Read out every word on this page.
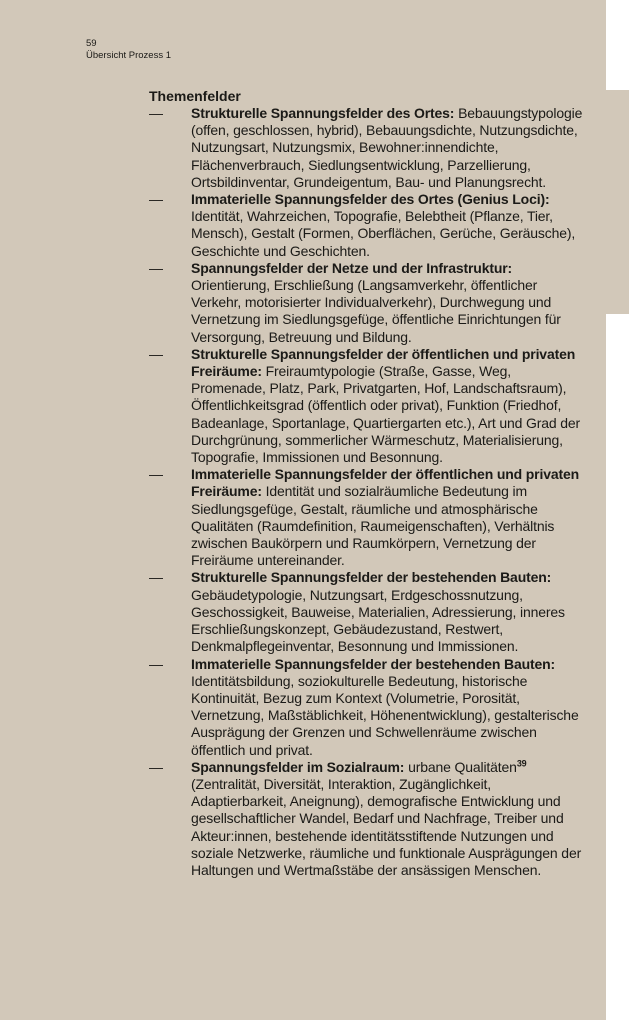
59
Übersicht Prozess 1
Themenfelder
— Strukturelle Spannungsfelder des Ortes: Bebauungstypologie (offen, geschlossen, hybrid), Bebauungsdichte, Nutzungsdichte, Nutzungsart, Nutzungsmix, Bewohner:innendichte, Flächenverbrauch, Siedlungsentwicklung, Parzellierung, Ortsbildinventar, Grundeigentum, Bau- und Planungsrecht.
— Immaterielle Spannungsfelder des Ortes (Genius Loci): Identität, Wahrzeichen, Topografie, Belebtheit (Pflanze, Tier, Mensch), Gestalt (Formen, Oberflächen, Gerüche, Geräusche), Geschichte und Geschichten.
— Spannungsfelder der Netze und der Infrastruktur: Orientierung, Erschließung (Langsamverkehr, öffentlicher Verkehr, motorisierter Individualverkehr), Durchwegung und Vernetzung im Siedlungsgefüge, öffentliche Einrichtungen für Versorgung, Betreuung und Bildung.
— Strukturelle Spannungsfelder der öffentlichen und privaten Freiräume: Freiraumtypologie (Straße, Gasse, Weg, Promenade, Platz, Park, Privatgarten, Hof, Landschaftsraum), Öffentlichkeitsgrad (öffentlich oder privat), Funktion (Friedhof, Badeanlage, Sportanlage, Quartiergarten etc.), Art und Grad der Durchgrünung, sommerlicher Wärmeschutz, Materialisierung, Topografie, Immissionen und Besonnung.
— Immaterielle Spannungsfelder der öffentlichen und privaten Freiräume: Identität und sozialräumliche Bedeutung im Siedlungsgefüge, Gestalt, räumliche und atmosphärische Qualitäten (Raumdefinition, Raumeigenschaften), Verhältnis zwischen Baukörpern und Raumkörpern, Vernetzung der Freiräume untereinander.
— Strukturelle Spannungsfelder der bestehenden Bauten: Gebäudetypologie, Nutzungsart, Erdgeschossnutzung, Geschossigkeit, Bauweise, Materialien, Adressierung, inneres Erschließungskonzept, Gebäudezustand, Restwert, Denkmalpflegeinventar, Besonnung und Immissionen.
— Immaterielle Spannungsfelder der bestehenden Bauten: Identitätsbildung, soziokulturelle Bedeutung, historische Kontinuität, Bezug zum Kontext (Volumetrie, Porosität, Vernetzung, Maßstäblichkeit, Höhenentwicklung), gestalterische Ausprägung der Grenzen und Schwellenräume zwischen öffentlich und privat.
— Spannungsfelder im Sozialraum: urbane Qualitäten$^{39}$ (Zentralität, Diversität, Interaktion, Zugänglichkeit, Adaptierbarkeit, Aneignung), demografische Entwicklung und gesellschaftlicher Wandel, Bedarf und Nachfrage, Treiber und Akteur:innen, bestehende identitätsstiftende Nutzungen und soziale Netzwerke, räumliche und funktionale Ausprägungen der Haltungen und Wertmaßstäbe der ansässigen Menschen.
